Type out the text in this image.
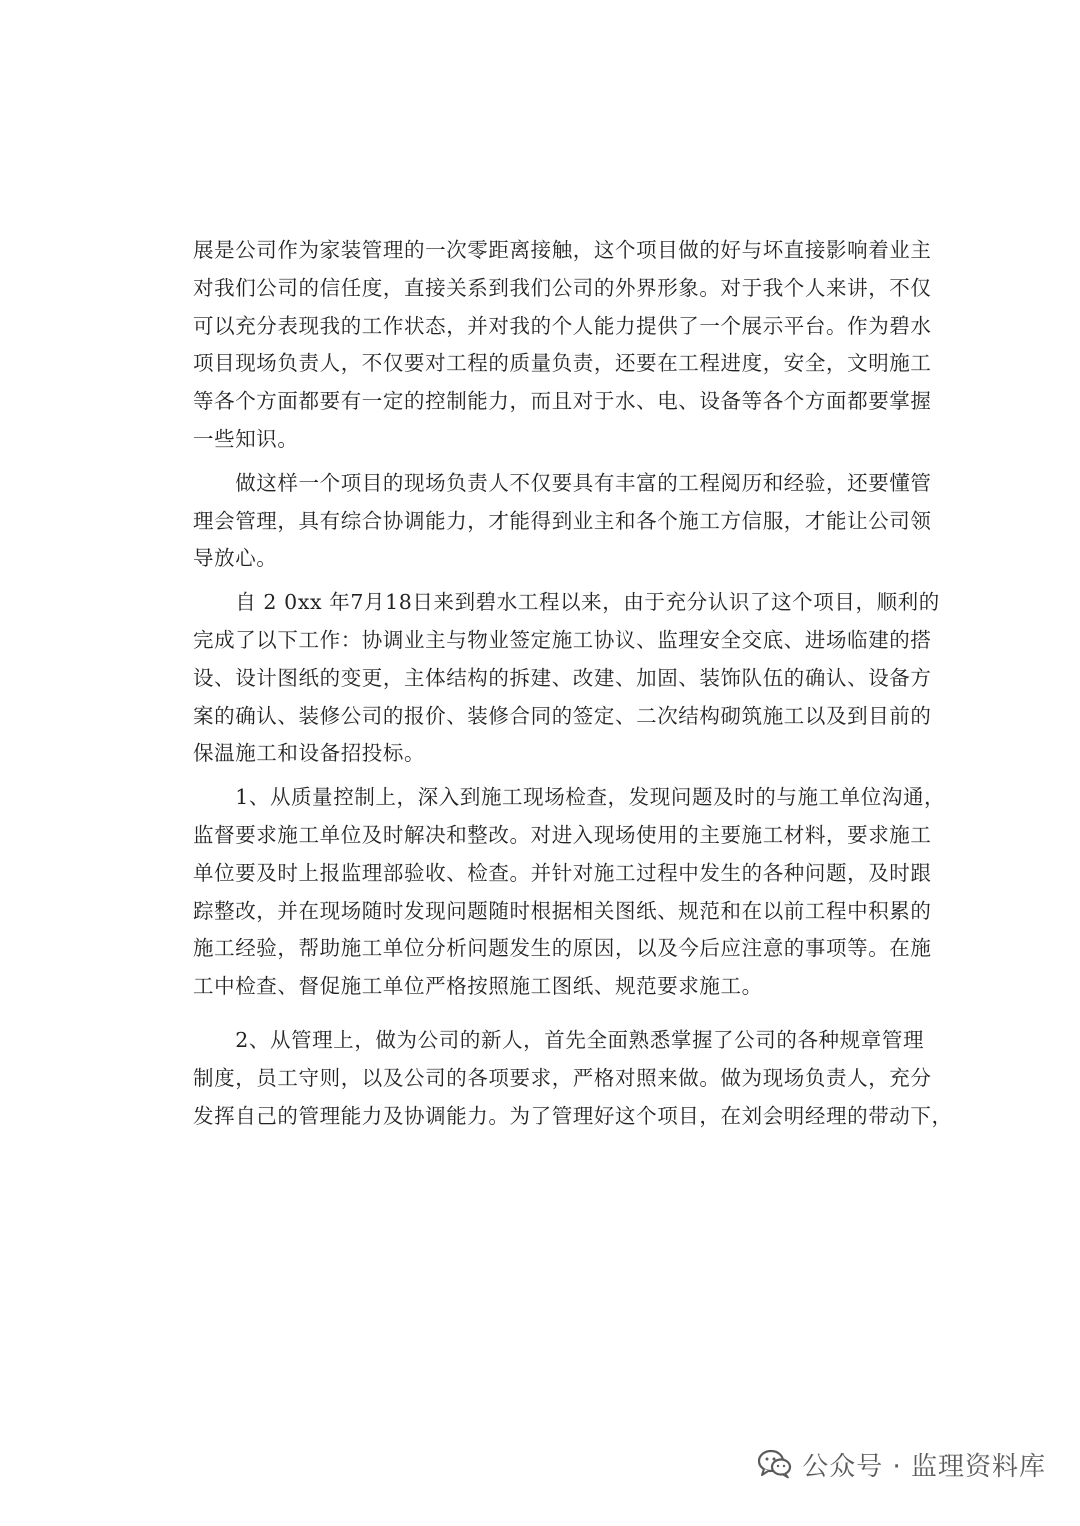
展是公司作为家装管理的一次零距离接触，这个项目做的好与坏直接影响着业主
对我们公司的信任度，直接关系到我们公司的外界形象。对于我个人来讲，不仅
可以充分表现我的工作状态，并对我的个人能力提供了一个展示平台。作为碧水
项目现场负责人，不仅要对工程的质量负责，还要在工程进度，安全，文明施工
等各个方面都要有一定的控制能力，而且对于水、电、设备等各个方面都要掌握
一些知识。

　　做这样一个项目的现场负责人不仅要具有丰富的工程阅历和经验，还要懂管
理会管理，具有综合协调能力，才能得到业主和各个施工方信服，才能让公司领
导放心。

　　自 2 0xx 年7月18日来到碧水工程以来，由于充分认识了这个项目，顺利的
完成了以下工作：协调业主与物业签定施工协议、监理安全交底、进场临建的搭
设、设计图纸的变更，主体结构的拆建、改建、加固、装饰队伍的确认、设备方
案的确认、装修公司的报价、装修合同的签定、二次结构砌筑施工以及到目前的
保温施工和设备招投标。

　　1、从质量控制上，深入到施工现场检查，发现问题及时的与施工单位沟通，
监督要求施工单位及时解决和整改。对进入现场使用的主要施工材料，要求施工
单位要及时上报监理部验收、检查。并针对施工过程中发生的各种问题，及时跟
踪整改，并在现场随时发现问题随时根据相关图纸、规范和在以前工程中积累的
施工经验，帮助施工单位分析问题发生的原因，以及今后应注意的事项等。在施
工中检查、督促施工单位严格按照施工图纸、规范要求施工。

　　2、从管理上，做为公司的新人，首先全面熟悉掌握了公司的各种规章管理
制度，员工守则，以及公司的各项要求，严格对照来做。做为现场负责人，充分
发挥自己的管理能力及协调能力。为了管理好这个项目，在刘会明经理的带动下，

公众号 · 监理资料库
